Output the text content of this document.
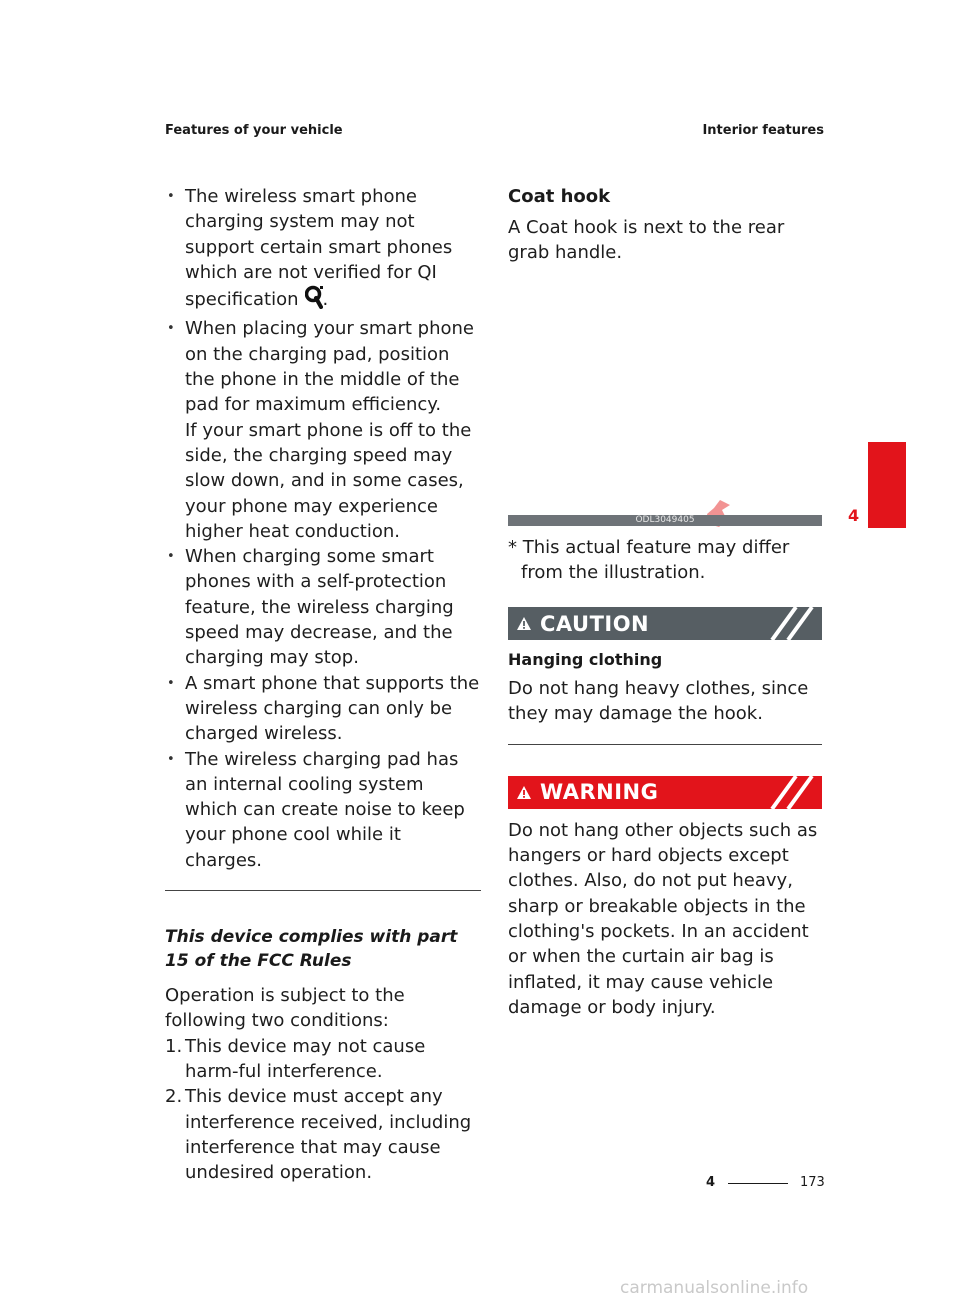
Features of your vehicle	Interior features
• The wireless smart phone charging system may not support certain smart phones which are not verified for QI specification .
• When placing your smart phone on the charging pad, position the phone in the middle of the pad for maximum efficiency.
If your smart phone is off to the side, the charging speed may slow down, and in some cases, your phone may experience higher heat conduction.
• When charging some smart phones with a self-protection feature, the wireless charging speed may decrease, and the charging may stop.
• A smart phone that supports the wireless charging can only be charged wireless.
• The wireless charging pad has an internal cooling system which can create noise to keep your phone cool while it charges.

This device complies with part 15 of the FCC Rules

Operation is subject to the following two conditions:

1. This device may not cause harm-ful interference.
2. This device must accept any interference received, including interference that may cause undesired operation.

Coat hook

A Coat hook is next to the rear grab handle.

ODL3049405

* This actual feature may differ from the illustration.

CAUTION

Hanging clothing

Do not hang heavy clothes, since they may damage the hook.

WARNING

Do not hang other objects such as hangers or hard objects except clothes. Also, do not put heavy, sharp or breakable objects in the clothing's pockets. In an accident or when the curtain air bag is inflated, it may cause vehicle damage or body injury.

4
4	173
carmanualsonline.info
